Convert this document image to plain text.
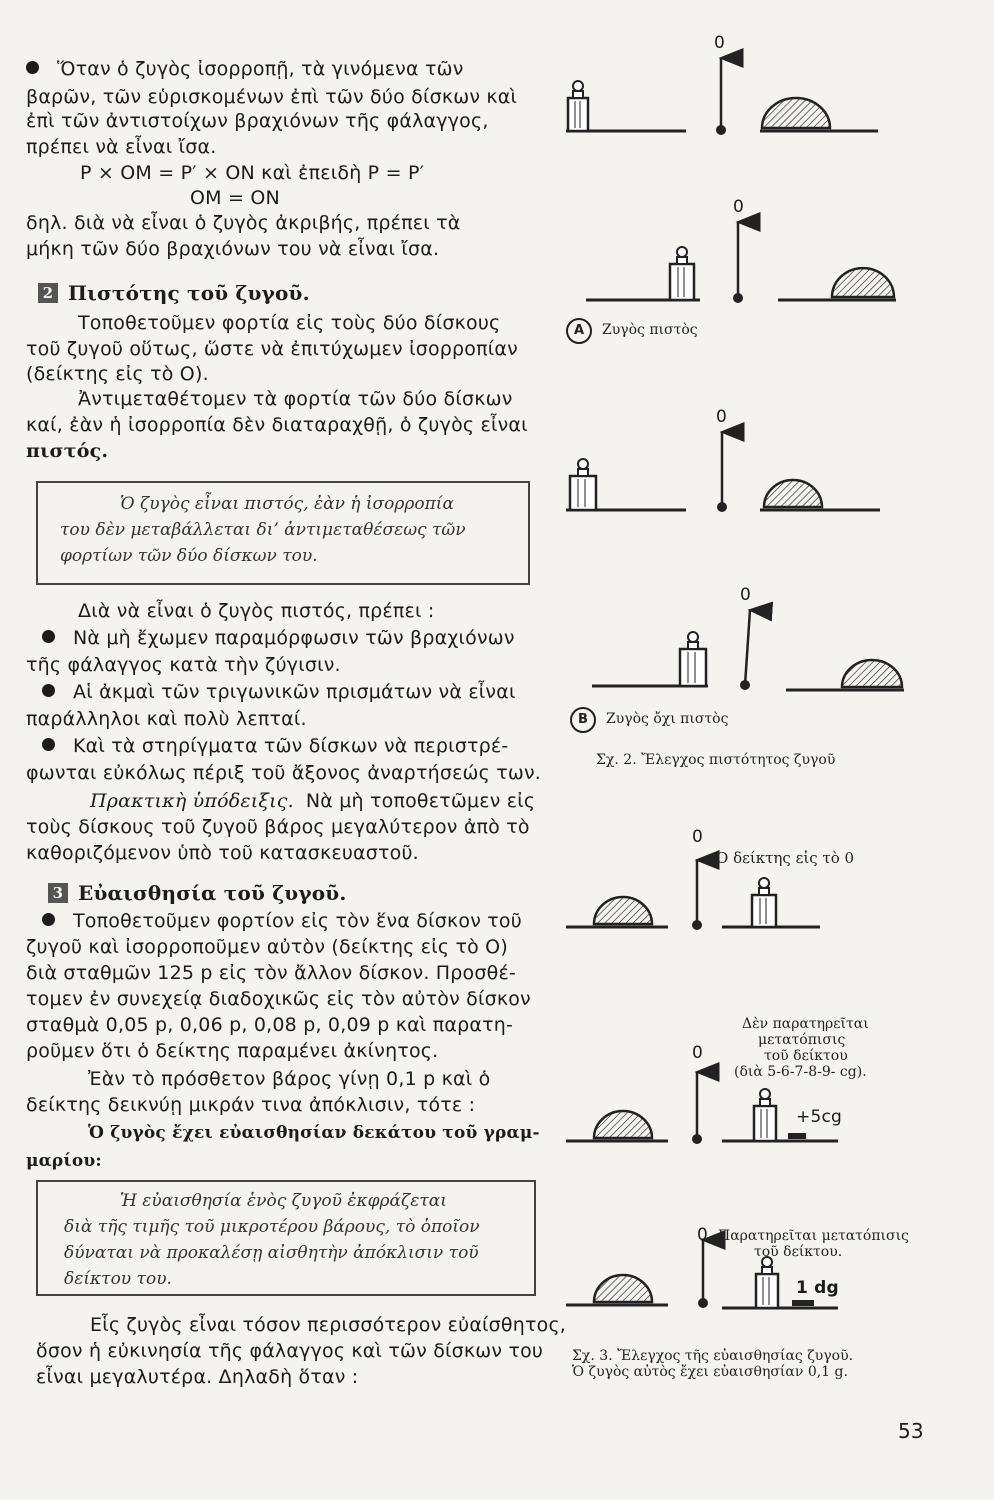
Ὅταν ὁ ζυγὸς ἰσορροπῇ, τὰ γινόμενα τῶν
βαρῶν, τῶν εὑρισκομένων ἐπὶ τῶν δύο δίσκων καὶ
ἐπὶ τῶν ἀντιστοίχων βραχιόνων τῆς φάλαγγος,
πρέπει νὰ εἶναι ἴσα.
P × OM = P′ × ON καὶ ἐπειδὴ P = P′
OM = ON
δηλ. διὰ νὰ εἶναι ὁ ζυγὸς ἀκριβής, πρέπει τὰ
μήκη τῶν δύο βραχιόνων του νὰ εἶναι ἴσα.
2 Πιστότης τοῦ ζυγοῦ.
Τοποθετοῦμεν φορτία εἰς τοὺς δύο δίσκους
τοῦ ζυγοῦ οὕτως, ὥστε νὰ ἐπιτύχωμεν ἰσορροπίαν
(δείκτης εἰς τὸ Ο).
Ἀντιμεταθέτομεν τὰ φορτία τῶν δύο δίσκων
καί, ἐὰν ἡ ἰσορροπία δὲν διαταραχθῇ, ὁ ζυγὸς εἶναι
πιστός.
Ὁ ζυγὸς εἶναι πιστός, ἐὰν ἡ ἰσορροπία
του δὲν μεταβάλλεται δι’ ἀντιμεταθέσεως τῶν
φορτίων τῶν δύο δίσκων του.
Διὰ νὰ εἶναι ὁ ζυγὸς πιστός, πρέπει :
Νὰ μὴ ἔχωμεν παραμόρφωσιν τῶν βραχιόνων
τῆς φάλαγγος κατὰ τὴν ζύγισιν.
Αἱ ἀκμαὶ τῶν τριγωνικῶν πρισμάτων νὰ εἶναι
παράλληλοι καὶ πολὺ λεπταί.
Καὶ τὰ στηρίγματα τῶν δίσκων νὰ περιστρέ-
φωνται εὐκόλως πέριξ τοῦ ἄξονος ἀναρτήσεώς των.
Πρακτικὴ ὑπόδειξις. Νὰ μὴ τοποθετῶμεν εἰς
τοὺς δίσκους τοῦ ζυγοῦ βάρος μεγαλύτερον ἀπὸ τὸ
καθοριζόμενον ὑπὸ τοῦ κατασκευαστοῦ.
3 Εὐαισθησία τοῦ ζυγοῦ.
Τοποθετοῦμεν φορτίον εἰς τὸν ἕνα δίσκον τοῦ
ζυγοῦ καὶ ἰσορροποῦμεν αὐτὸν (δείκτης εἰς τὸ Ο)
διὰ σταθμῶν 125 p εἰς τὸν ἄλλον δίσκον. Προσθέ-
τομεν ἐν συνεχείᾳ διαδοχικῶς εἰς τὸν αὐτὸν δίσκον
σταθμὰ 0,05 p, 0,06 p, 0,08 p, 0,09 p καὶ παρατη-
ροῦμεν ὅτι ὁ δείκτης παραμένει ἀκίνητος.
Ἐὰν τὸ πρόσθετον βάρος γίνῃ 0,1 p καὶ ὁ
δείκτης δεικνύῃ μικράν τινα ἀπόκλισιν, τότε :
Ὁ ζυγὸς ἔχει εὐαισθησίαν δεκάτου τοῦ γραμ-
μαρίου:
Ἡ εὐαισθησία ἑνὸς ζυγοῦ ἐκφράζεται
διὰ τῆς τιμῆς τοῦ μικροτέρου βάρους, τὸ ὁποῖον
δύναται νὰ προκαλέσῃ αἰσθητὴν ἀπόκλισιν τοῦ
δείκτου του.
Εἷς ζυγὸς εἶναι τόσον περισσότερον εὐαίσθητος,
ὅσον ἡ εὐκινησία τῆς φάλαγγος καὶ τῶν δίσκων του
εἶναι μεγαλυτέρα. Δηλαδὴ ὅταν :
0
0
A Ζυγὸς πιστὸς
0
0
B Ζυγὸς ὄχι πιστὸς
Σχ. 2. Ἔλεγχος πιστότητος ζυγοῦ
0
Ο δείκτης εἰς τὸ 0
Δὲν παρατηρεῖται
μετατόπισις
τοῦ δείκτου
(διὰ 5-6-7-8-9- cg).
0
+5cg
0 Παρατηρεῖται μετατόπισις
τοῦ δείκτου.
1 dg
Σχ. 3. Ἔλεγχος τῆς εὐαισθησίας ζυγοῦ.
Ὁ ζυγὸς αὐτὸς ἔχει εὐαισθησίαν 0,1 g.
53
